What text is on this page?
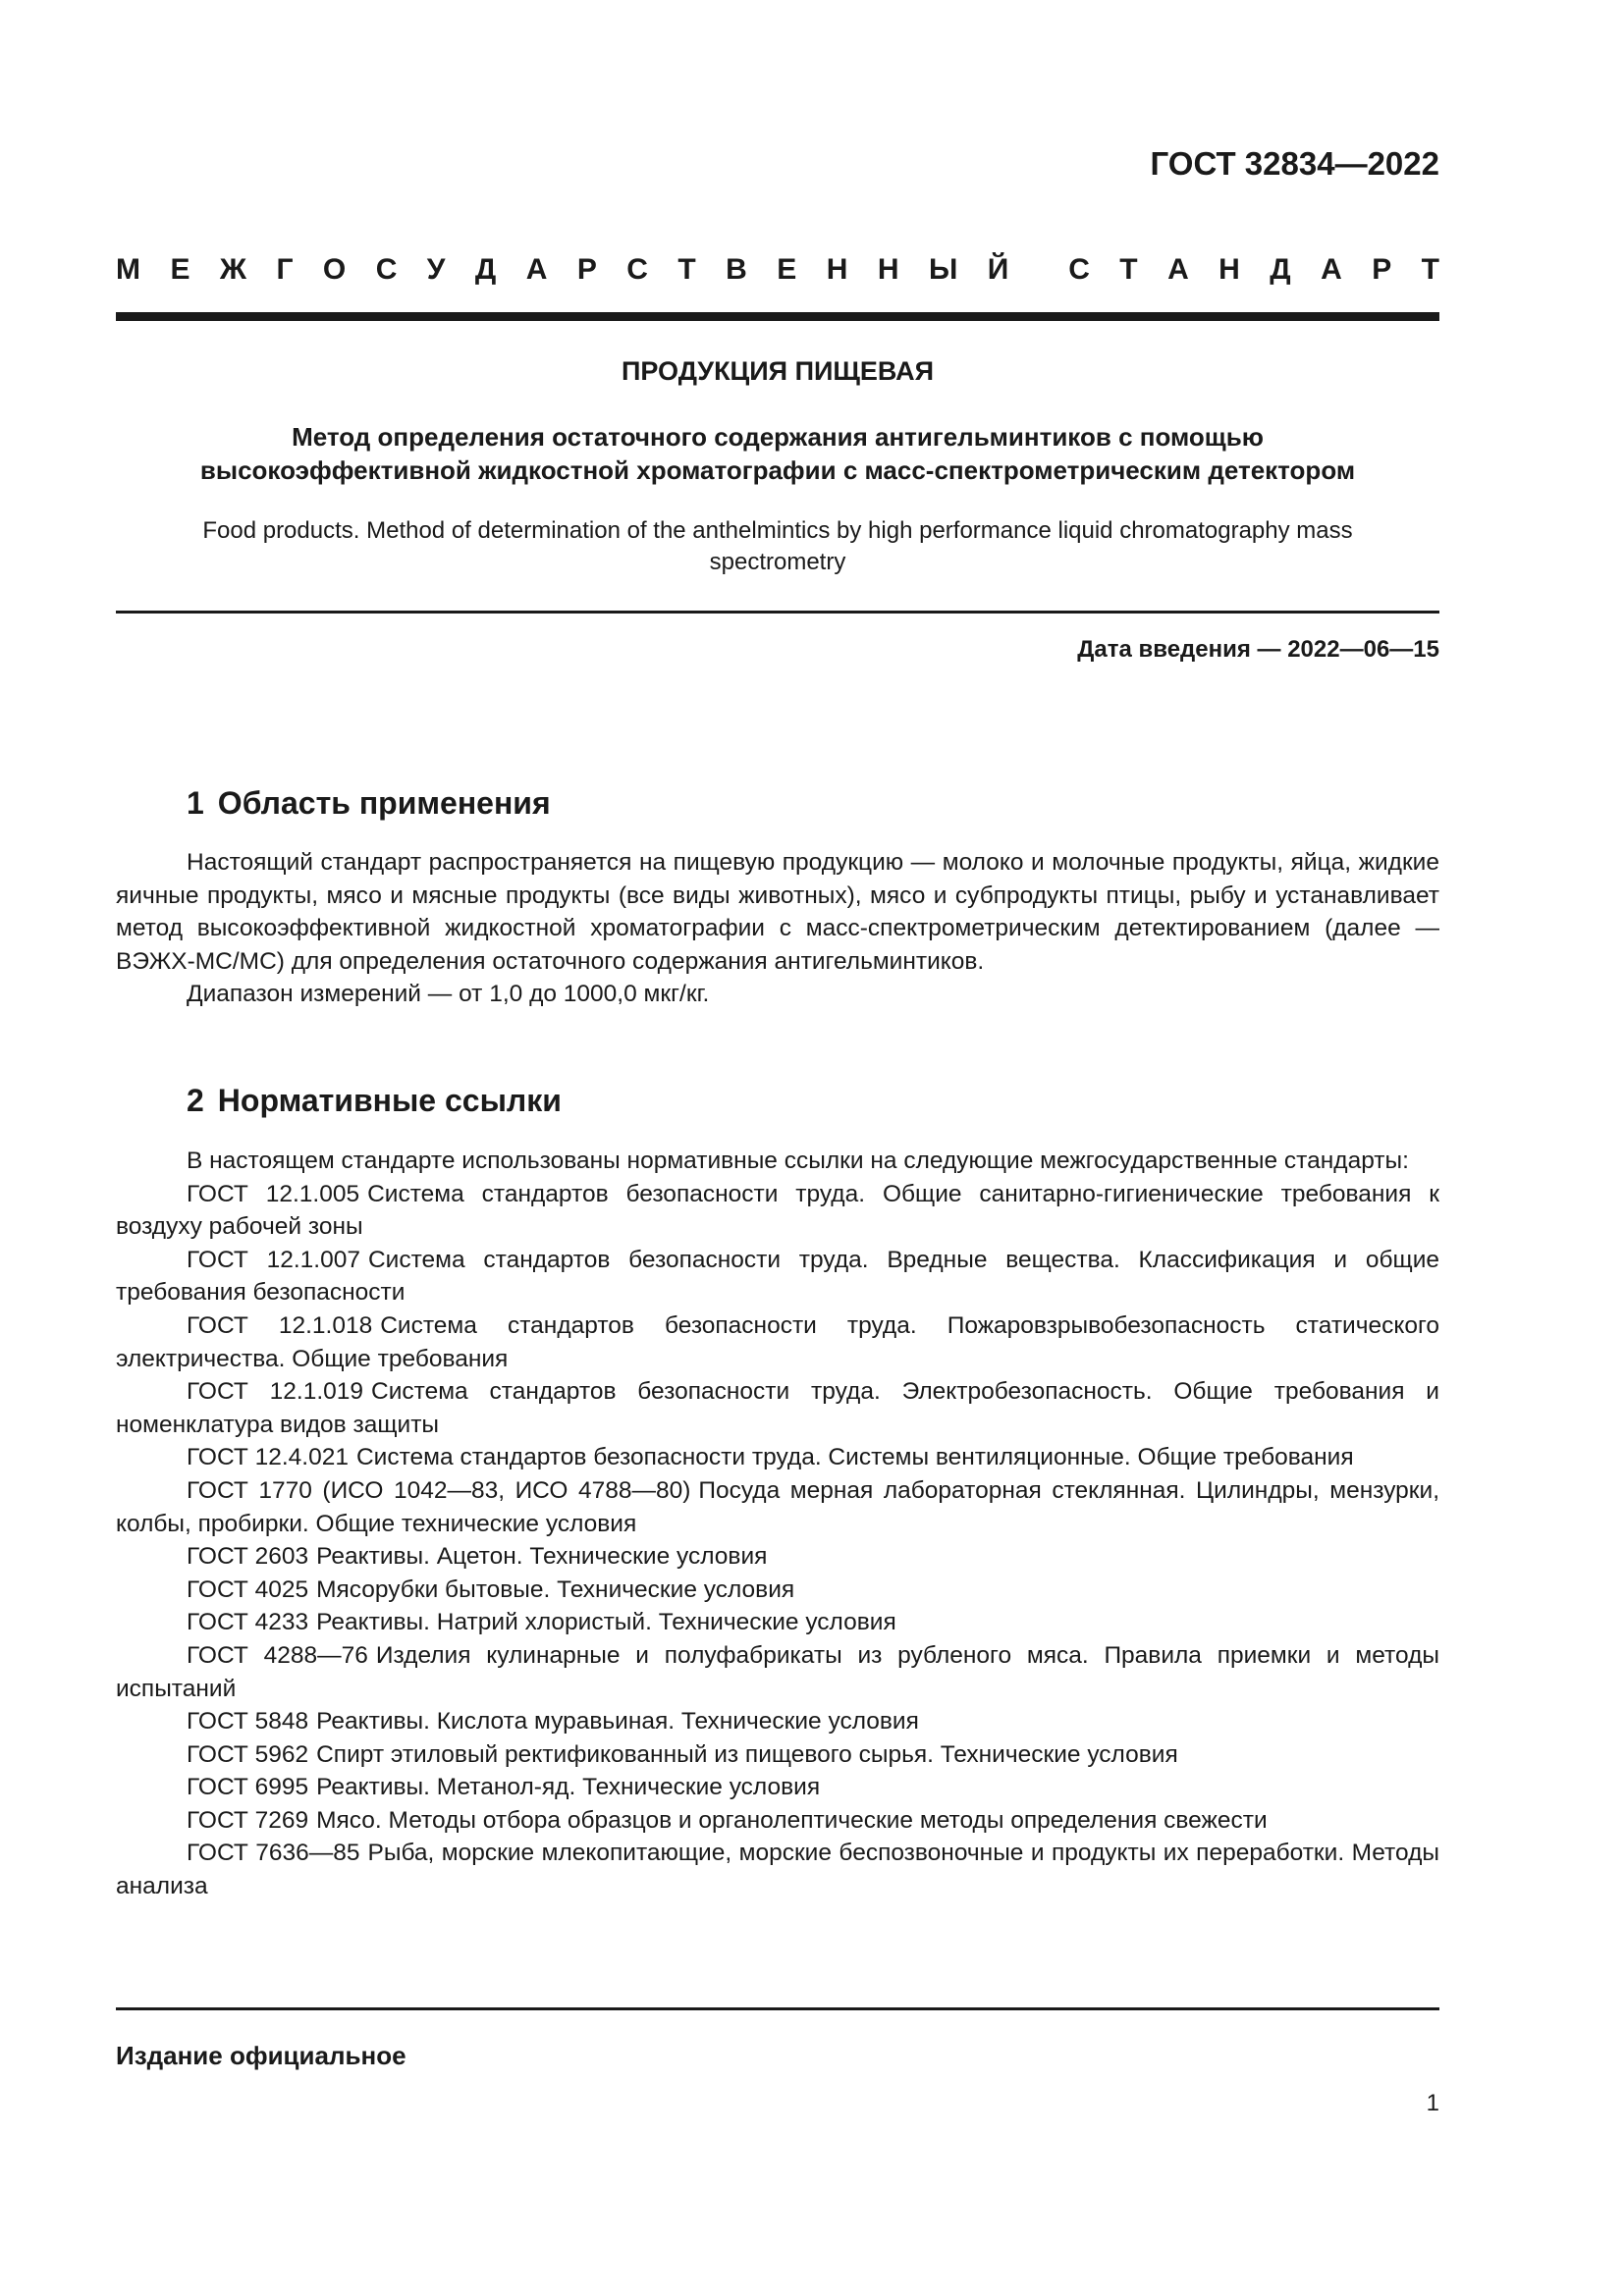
ГОСТ 32834—2022
М Е Ж Г О С У Д А Р С Т В Е Н Н Ы Й С Т А Н Д А Р Т
ПРОДУКЦИЯ ПИЩЕВАЯ
Метод определения остаточного содержания антигельминтиков с помощью
высокоэффективной жидкостной хроматографии с масс-спектрометрическим детектором
Food products. Method of determination of the anthelmintics by high performance liquid chromatography mass
spectrometry
Дата введения — 2022—06—15
1 Область применения

Настоящий стандарт распространяется на пищевую продукцию — молоко и молочные продукты, яйца, жидкие яичные продукты, мясо и мясные продукты (все виды животных), мясо и субпродукты птицы, рыбу и устанавливает метод высокоэффективной жидкостной хроматографии с масс-спектрометрическим детектированием (далее — ВЭЖХ-МС/МС) для определения остаточного содержания антигельминтиков.

Диапазон измерений — от 1,0 до 1000,0 мкг/кг.

2 Нормативные ссылки

В настоящем стандарте использованы нормативные ссылки на следующие межгосударственные стандарты:

ГОСТ 12.1.005 Система стандартов безопасности труда. Общие санитарно-гигиенические требования к воздуху рабочей зоны

ГОСТ 12.1.007 Система стандартов безопасности труда. Вредные вещества. Классификация и общие требования безопасности

ГОСТ 12.1.018 Система стандартов безопасности труда. Пожаровзрывобезопасность статического электричества. Общие требования

ГОСТ 12.1.019 Система стандартов безопасности труда. Электробезопасность. Общие требования и номенклатура видов защиты

ГОСТ 12.4.021 Система стандартов безопасности труда. Системы вентиляционные. Общие требования

ГОСТ 1770 (ИСО 1042—83, ИСО 4788—80) Посуда мерная лабораторная стеклянная. Цилиндры, мензурки, колбы, пробирки. Общие технические условия

ГОСТ 2603 Реактивы. Ацетон. Технические условия

ГОСТ 4025 Мясорубки бытовые. Технические условия

ГОСТ 4233 Реактивы. Натрий хлористый. Технические условия

ГОСТ 4288—76 Изделия кулинарные и полуфабрикаты из рубленого мяса. Правила приемки и методы испытаний

ГОСТ 5848 Реактивы. Кислота муравьиная. Технические условия

ГОСТ 5962 Спирт этиловый ректификованный из пищевого сырья. Технические условия

ГОСТ 6995 Реактивы. Метанол-яд. Технические условия

ГОСТ 7269 Мясо. Методы отбора образцов и органолептические методы определения свежести

ГОСТ 7636—85 Рыба, морские млекопитающие, морские беспозвоночные и продукты их переработки. Методы анализа

Издание официальное
1
